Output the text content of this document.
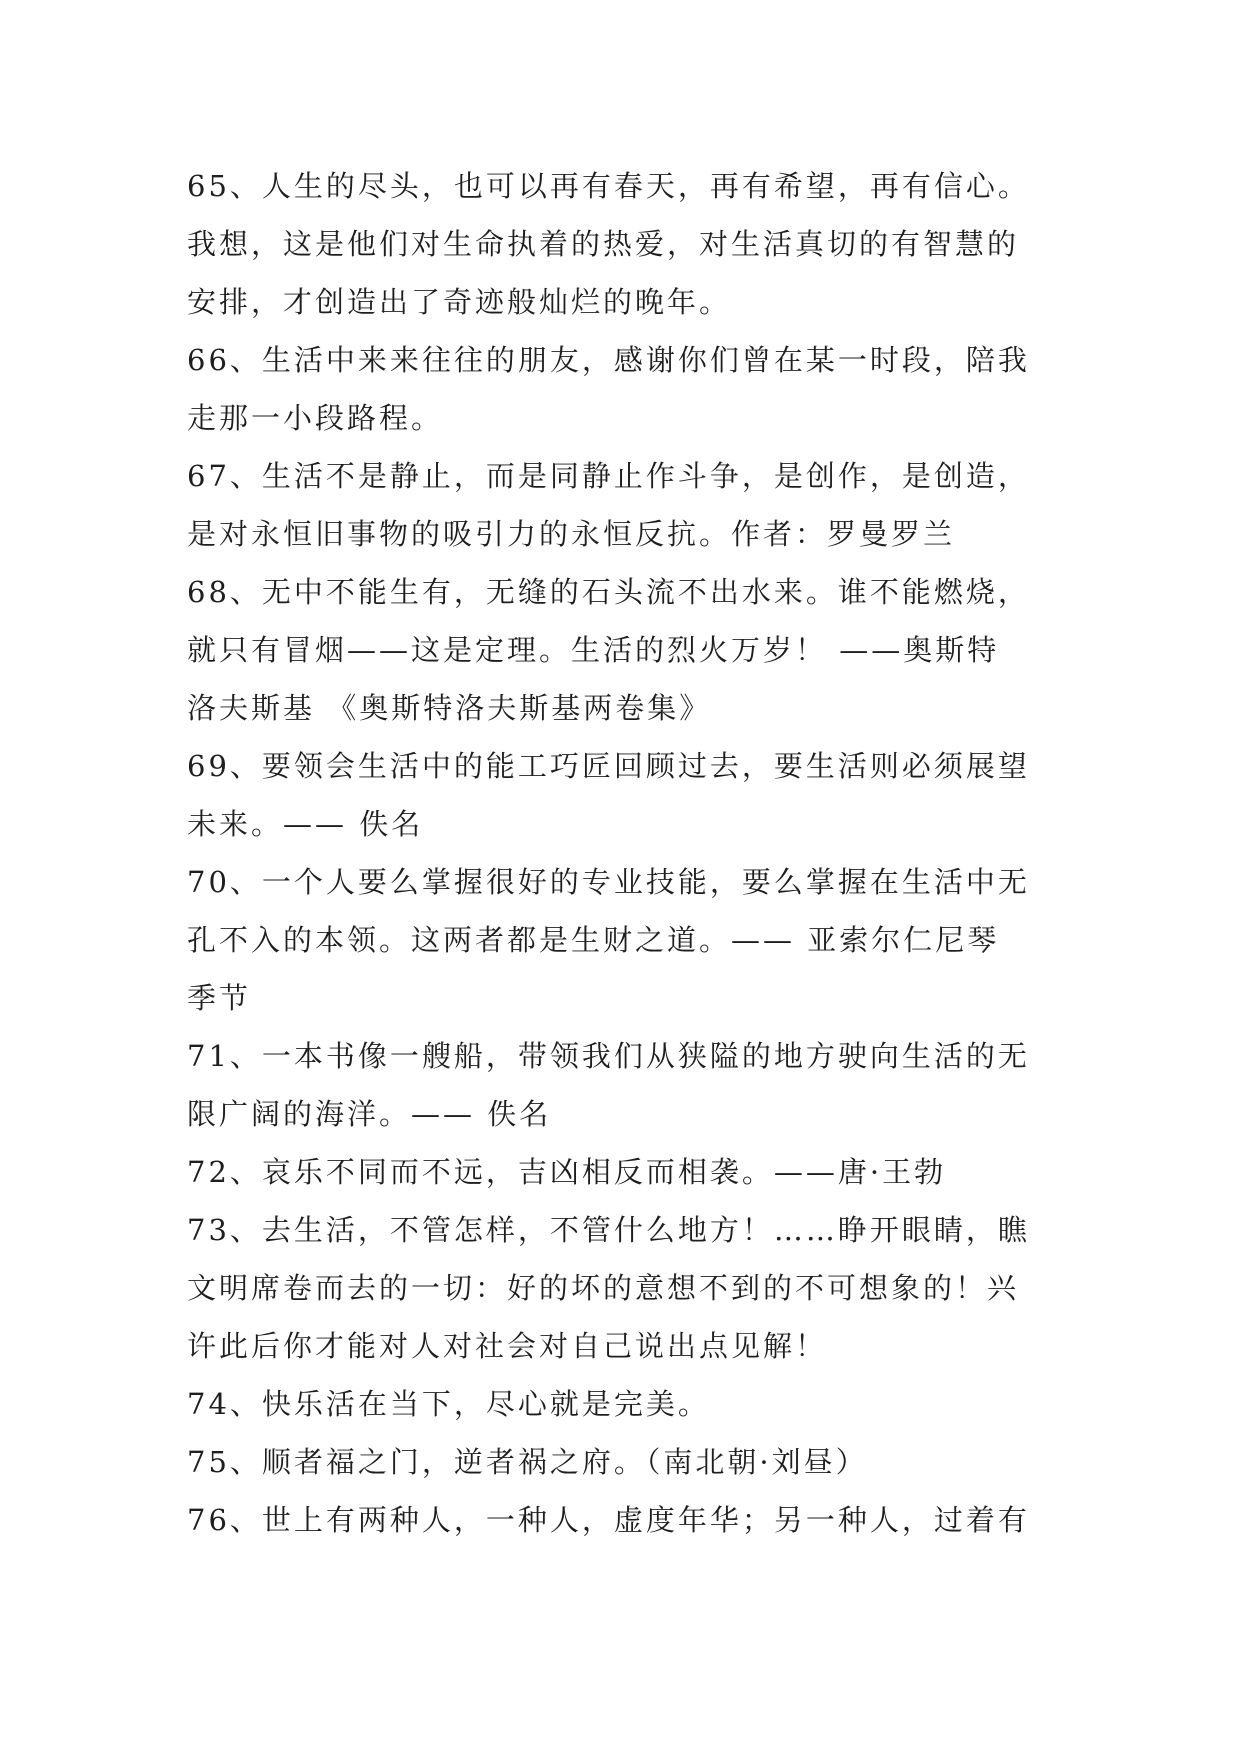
65、人生的尽头，也可以再有春天，再有希望，再有信心。
我想，这是他们对生命执着的热爱，对生活真切的有智慧的
安排，才创造出了奇迹般灿烂的晚年。
66、生活中来来往往的朋友，感谢你们曾在某一时段，陪我
走那一小段路程。
67、生活不是静止，而是同静止作斗争，是创作，是创造，
是对永恒旧事物的吸引力的永恒反抗。作者：罗曼罗兰
68、无中不能生有，无缝的石头流不出水来。谁不能燃烧，
就只有冒烟——这是定理。生活的烈火万岁！ ——奥斯特
洛夫斯基 《奥斯特洛夫斯基两卷集》
69、要领会生活中的能工巧匠回顾过去，要生活则必须展望
未来。—— 佚名
70、一个人要么掌握很好的专业技能，要么掌握在生活中无
孔不入的本领。这两者都是生财之道。—— 亚索尔仁尼琴
季节
71、一本书像一艘船，带领我们从狭隘的地方驶向生活的无
限广阔的海洋。—— 佚名
72、哀乐不同而不远，吉凶相反而相袭。——唐·王勃
73、去生活，不管怎样，不管什么地方！……睁开眼睛，瞧
文明席卷而去的一切：好的坏的意想不到的不可想象的！兴
许此后你才能对人对社会对自己说出点见解！
74、快乐活在当下，尽心就是完美。
75、顺者福之门，逆者祸之府。（南北朝·刘昼）
76、世上有两种人，一种人，虚度年华；另一种人，过着有
